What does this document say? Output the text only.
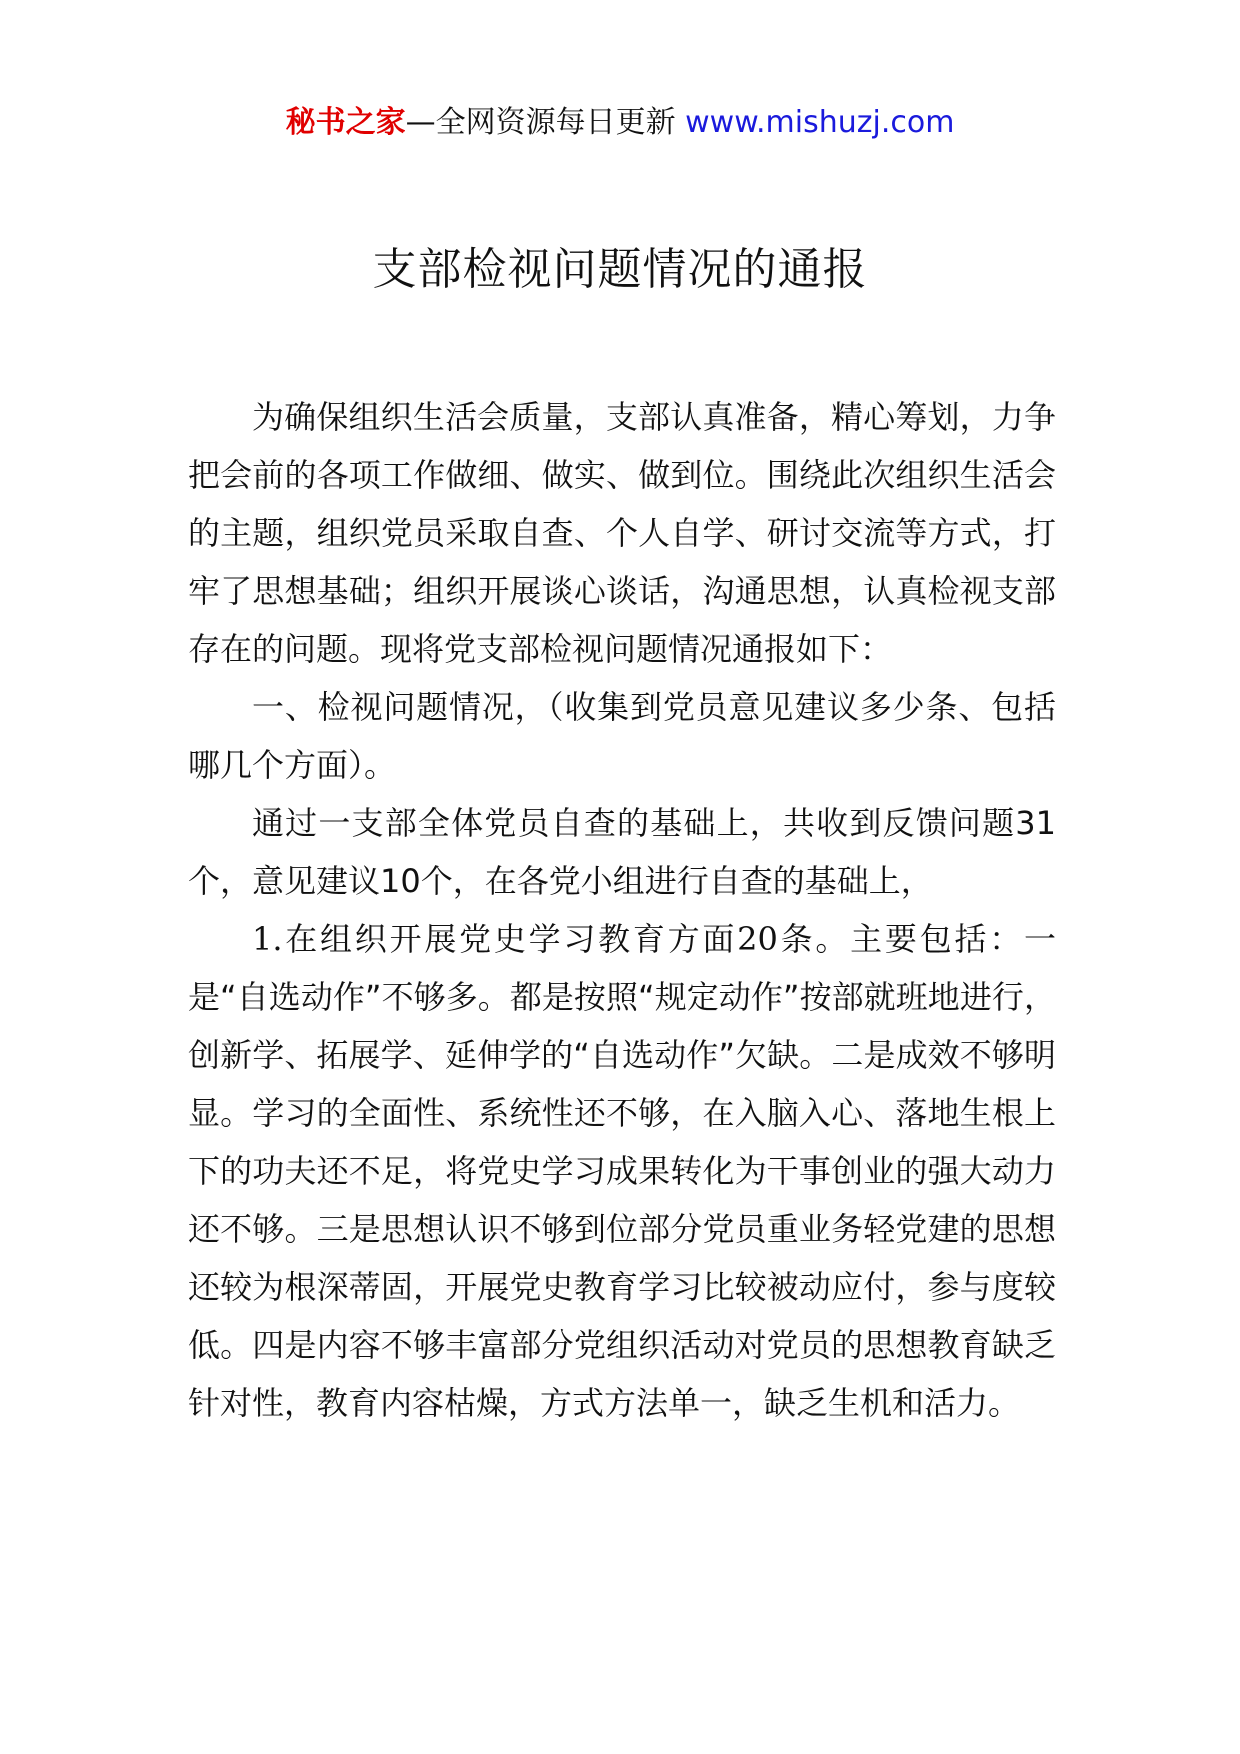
秘书之家—全网资源每日更新 www.mishuzj.com
支部检视问题情况的通报

为确保组织生活会质量，支部认真准备，精心筹划，力争把会前的各项工作做细、做实、做到位。围绕此次组织生活会的主题，组织党员采取自查、个人自学、研讨交流等方式，打牢了思想基础；组织开展谈心谈话，沟通思想，认真检视支部存在的问题。现将党支部检视问题情况通报如下：

一、检视问题情况，（收集到党员意见建议多少条、包括哪几个方面）。

通过一支部全体党员自查的基础上，共收到反馈问题31个，意见建议10个，在各党小组进行自查的基础上，

1.在组织开展党史学习教育方面20条。主要包括：一是“自选动作”不够多。都是按照“规定动作”按部就班地进行，创新学、拓展学、延伸学的“自选动作”欠缺。二是成效不够明显。学习的全面性、系统性还不够，在入脑入心、落地生根上下的功夫还不足，将党史学习成果转化为干事创业的强大动力还不够。三是思想认识不够到位部分党员重业务轻党建的思想还较为根深蒂固，开展党史教育学习比较被动应付，参与度较低。四是内容不够丰富部分党组织活动对党员的思想教育缺乏针对性，教育内容枯燥，方式方法单一，缺乏生机和活力。
